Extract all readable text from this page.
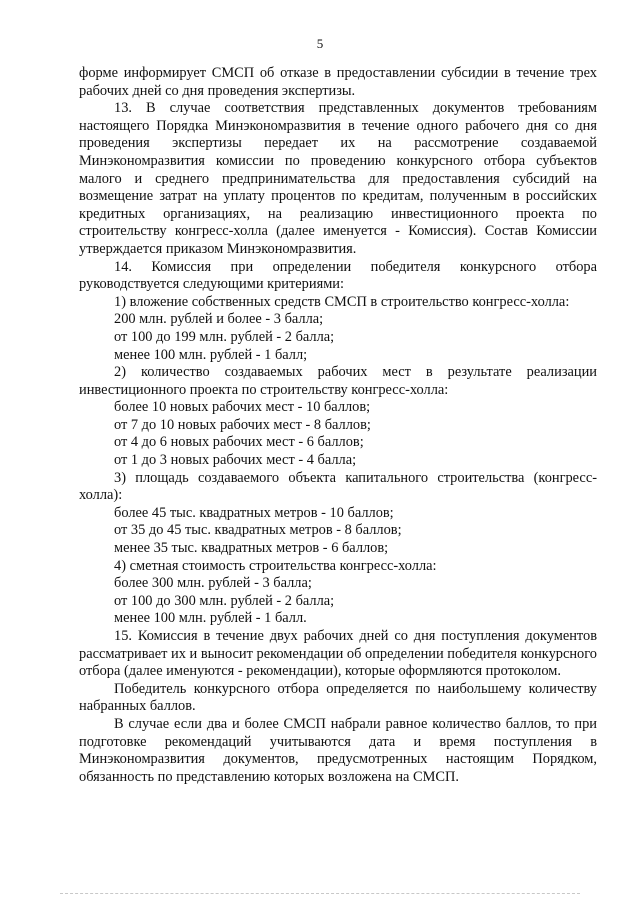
5

форме информирует СМСП об отказе в предоставлении субсидии в течение трех рабочих дней со дня проведения экспертизы.

13. В случае соответствия представленных документов требованиям настоящего Порядка Минэкономразвития в течение одного рабочего дня со дня проведения экспертизы передает их на рассмотрение создаваемой Минэкономразвития комиссии по проведению конкурсного отбора субъектов малого и среднего предпринимательства для предоставления субсидий на возмещение затрат на уплату процентов по кредитам, полученным в российских кредитных организациях, на реализацию инвестиционного проекта по строительству конгресс-холла (далее именуется - Комиссия). Состав Комиссии утверждается приказом Минэкономразвития.

14. Комиссия при определении победителя конкурсного отбора руководствуется следующими критериями:

1) вложение собственных средств СМСП в строительство конгресс-холла:

200 млн. рублей и более - 3 балла;

от 100 до 199 млн. рублей - 2 балла;

менее 100 млн. рублей - 1 балл;

2) количество создаваемых рабочих мест в результате реализации инвестиционного проекта по строительству конгресс-холла:

более 10 новых рабочих мест - 10 баллов;

от 7 до 10 новых рабочих мест - 8 баллов;

от 4 до 6 новых рабочих мест - 6 баллов;

от 1 до 3 новых рабочих мест - 4 балла;

3) площадь создаваемого объекта капитального строительства (конгресс-холла):

более 45 тыс. квадратных метров - 10 баллов;

от 35 до 45 тыс. квадратных метров - 8 баллов;

менее 35 тыс. квадратных метров - 6 баллов;

4) сметная стоимость строительства конгресс-холла:

более 300 млн. рублей - 3 балла;

от 100 до 300 млн. рублей - 2 балла;

менее 100 млн. рублей - 1 балл.

15. Комиссия в течение двух рабочих дней со дня поступления документов рассматривает их и выносит рекомендации об определении победителя конкурсного отбора (далее именуются - рекомендации), которые оформляются протоколом.

Победитель конкурсного отбора определяется по наибольшему количеству набранных баллов.

В случае если два и более СМСП набрали равное количество баллов, то при подготовке рекомендаций учитываются дата и время поступления в Минэкономразвития документов, предусмотренных настоящим Порядком, обязанность по представлению которых возложена на СМСП.
